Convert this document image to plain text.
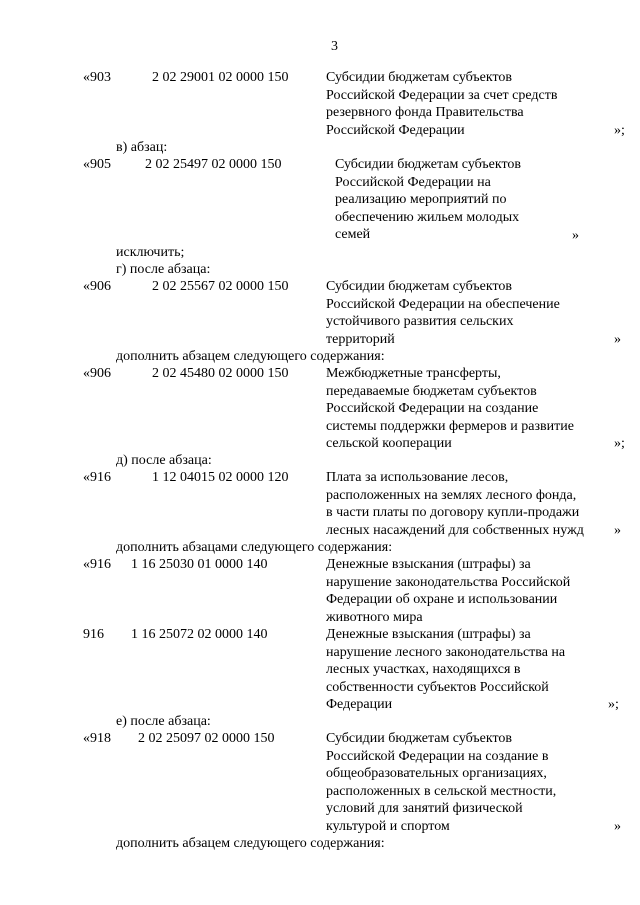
3
«903	2 02 29001 02 0000 150	Субсидии бюджетам субъектов
Российской Федерации за счет средств
резервного фонда Правительства
Российской Федерации	»;
в) абзац:
«905 2 02 25497 02 0000 150	Субсидии бюджетам субъектов
Российской Федерации на
реализацию мероприятий по
обеспечению жильем молодых
семей	»
исключить;
г) после абзаца:
«906	2 02 25567 02 0000 150	Субсидии бюджетам субъектов
Российской Федерации на обеспечение
устойчивого развития сельских
территорий	»
дополнить абзацем следующего содержания:
«906	2 02 45480 02 0000 150	Межбюджетные трансферты,
передаваемые бюджетам субъектов
Российской Федерации на создание
системы поддержки фермеров и развитие
сельской кооперации	»;
д) после абзаца:
«916	1 12 04015 02 0000 120	Плата за использование лесов,
расположенных на землях лесного фонда,
в части платы по договору купли-продажи
лесных насаждений для собственных нужд	»
дополнить абзацами следующего содержания:
«916 1 16 25030 01 0000 140	Денежные взыскания (штрафы) за
нарушение законодательства Российской
Федерации об охране и использовании
животного мира
916 1 16 25072 02 0000 140	Денежные взыскания (штрафы) за
нарушение лесного законодательства на
лесных участках, находящихся в
собственности субъектов Российской
Федерации	»;
е) после абзаца:
«918 2 02 25097 02 0000 150	Субсидии бюджетам субъектов
Российской Федерации на создание в
общеобразовательных организациях,
расположенных в сельской местности,
условий для занятий физической
культурой и спортом	»
дополнить абзацем следующего содержания:
